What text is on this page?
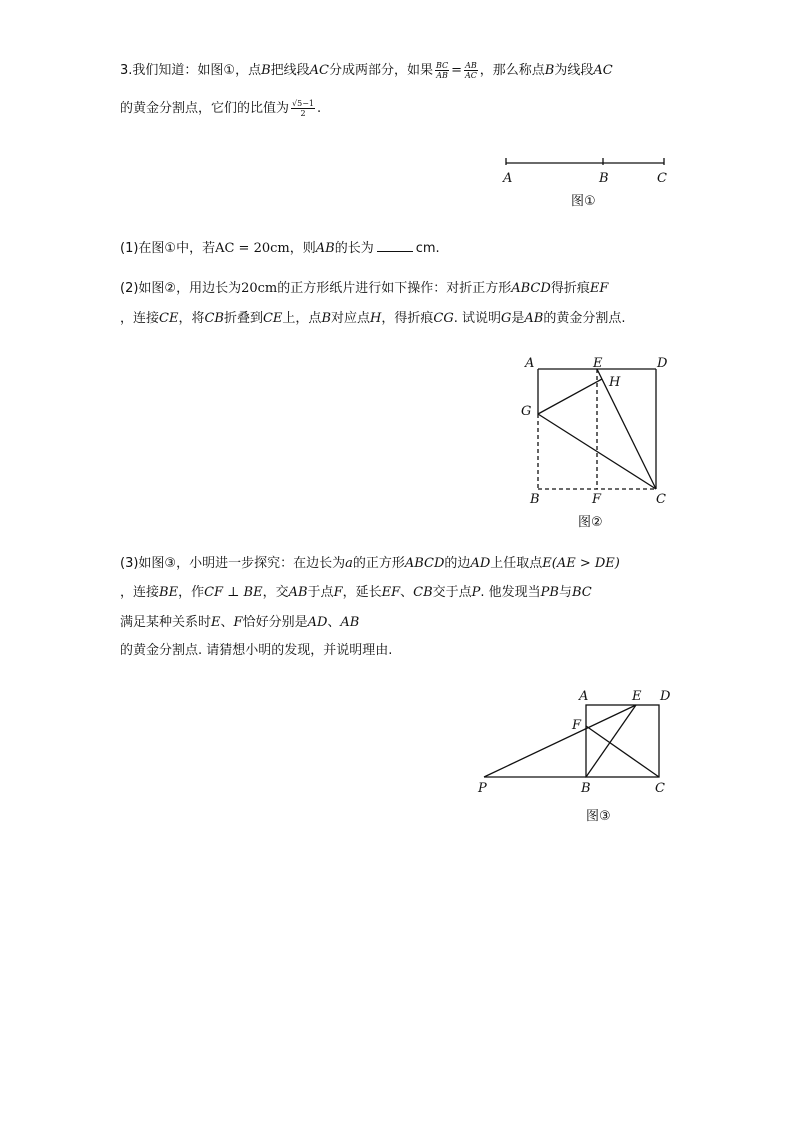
3.我们知道：如图①，点B把线段AC分成两部分，如果 $\frac{BC}{AB} = \frac{AB}{AC}$ ，那么称点B为线段AC
的黄金分割点，它们的比值为 $\frac{√5-1}{2}$ .
A	B	C
图①
(1)在图①中，若AC = 20cm，则AB的长为	cm.
(2)如图②，用边长为20cm的正方形纸片进行如下操作：对折正方形ABCD得折痕EF
，连接CE，将CB折叠到CE上，点B对应点H，得折痕CG. 试说明G是AB的黄金分割点.
A	E	D
H
G
B	F	C
图②
(3)如图③，小明进一步探究：在边长为a的正方形ABCD的边AD上任取点E(AE > DE)
，连接BE，作CF ⊥ BE，交AB于点F，延长EF、CB交于点P. 他发现当PB与BC
满足某种关系时E、F恰好分别是AD、AB
的黄金分割点. 请猜想小明的发现，并说明理由.
A	E D
F
P	B	C
图③
